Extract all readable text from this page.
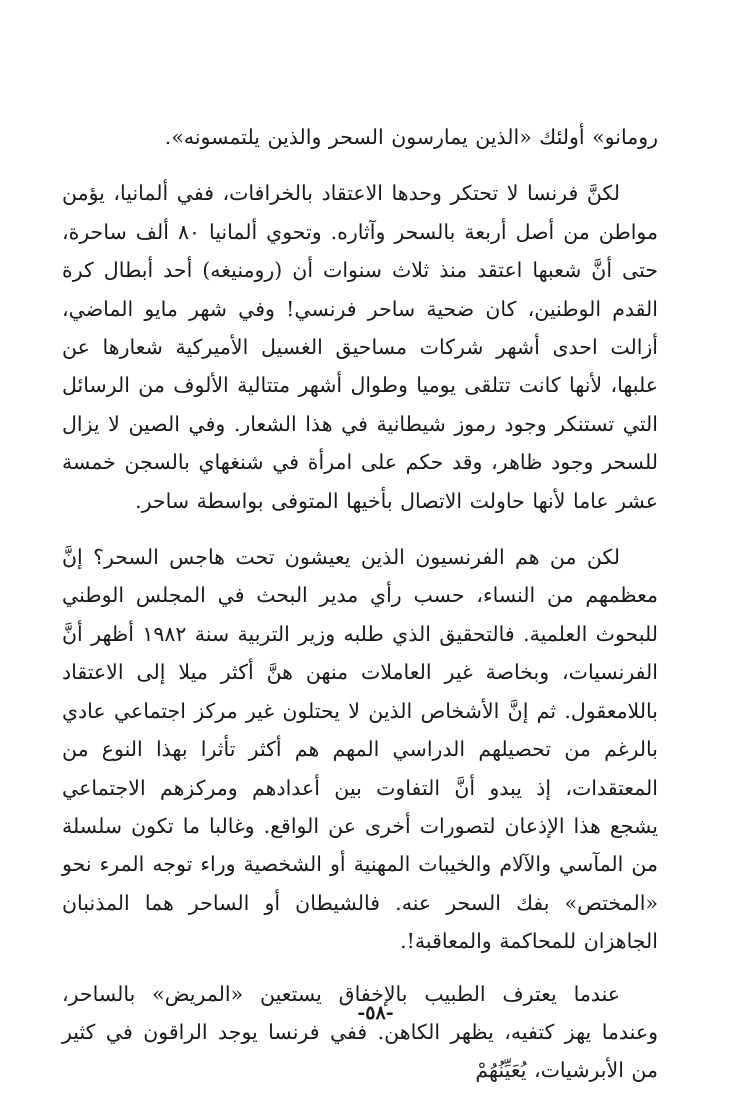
رومانو» أولئك «الذين يمارسون السحر والذين يلتمسونه».

لكنَّ فرنسا لا تحتكر وحدها الاعتقاد بالخرافات، ففي ألمانيا، يؤمن مواطن من أصل أربعة بالسحر وآثاره. وتحوي ألمانيا ٨٠ ألف ساحرة، حتى أنَّ شعبها اعتقد منذ ثلاث سنوات أن (رومنيغه) أحد أبطال كرة القدم الوطنين، كان ضحية ساحر فرنسي! وفي شهر مايو الماضي، أزالت احدى أشهر شركات مساحيق الغسيل الأميركية شعارها عن علبها، لأنها كانت تتلقى يوميا وطوال أشهر متتالية الألوف من الرسائل التي تستنكر وجود رموز شيطانية في هذا الشعار. وفي الصين لا يزال للسحر وجود ظاهر، وقد حكم على امرأة في شنغهاي بالسجن خمسة عشر عاما لأنها حاولت الاتصال بأخيها المتوفى بواسطة ساحر.

لكن من هم الفرنسيون الذين يعيشون تحت هاجس السحر؟ إنَّ معظمهم من النساء، حسب رأي مدير البحث في المجلس الوطني للبحوث العلمية. فالتحقيق الذي طلبه وزير التربية سنة ١٩٨٢ أظهر أنَّ الفرنسيات، وبخاصة غير العاملات منهن هنَّ أكثر ميلا إلى الاعتقاد باللامعقول. ثم إنَّ الأشخاص الذين لا يحتلون غير مركز اجتماعي عادي بالرغم من تحصيلهم الدراسي المهم هم أكثر تأثرا بهذا النوع من المعتقدات، إذ يبدو أنَّ التفاوت بين أعدادهم ومركزهم الاجتماعي يشجع هذا الإذعان لتصورات أخرى عن الواقع. وغالبا ما تكون سلسلة من المآسي والآلام والخيبات المهنية أو الشخصية وراء توجه المرء نحو «المختص» بفك السحر عنه. فالشيطان أو الساحر هما المذنبان الجاهزان للمحاكمة والمعاقبة!.

عندما يعترف الطبيب بالإخفاق يستعين «المريض» بالساحر، وعندما يهز كتفيه، يظهر الكاهن. ففي فرنسا يوجد الراقون في كثير من الأبرشيات، يُعَيِّنُهُمْ

-٥٨-
